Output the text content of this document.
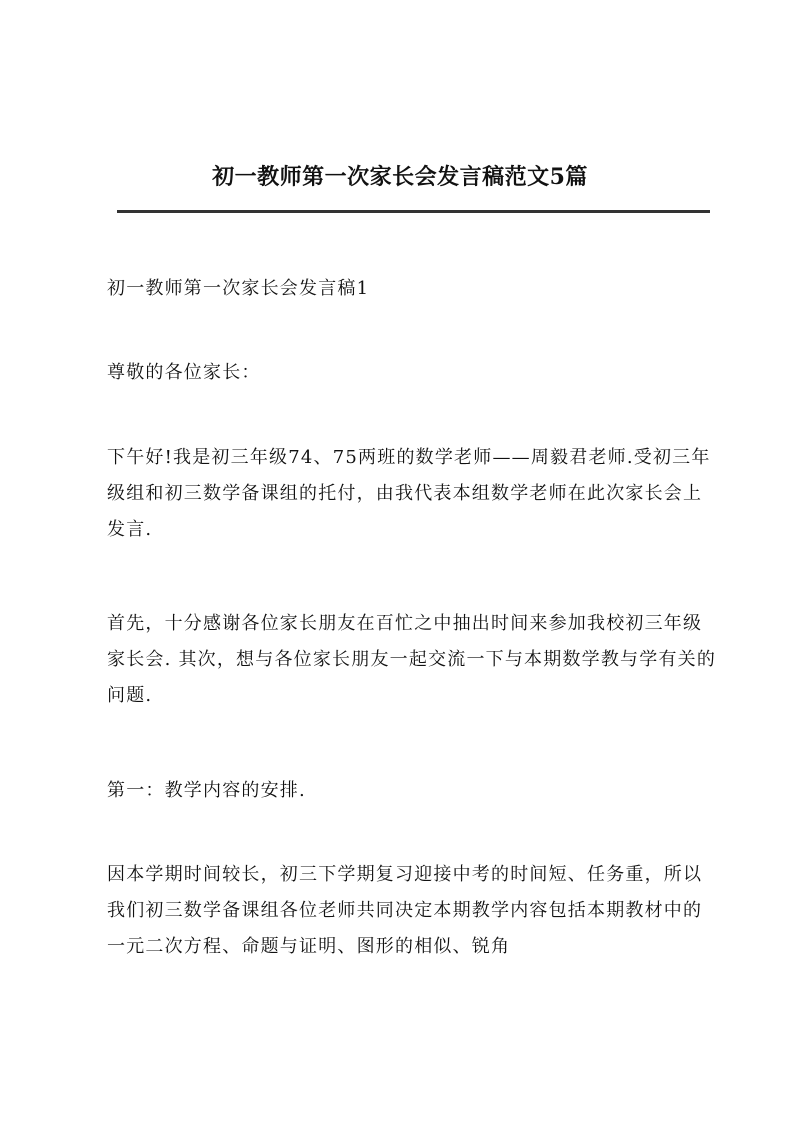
初一教师第一次家长会发言稿范文5篇

初一教师第一次家长会发言稿1

尊敬的各位家长：

下午好!我是初三年级74、75两班的数学老师——周毅君老师.受初三年级组和初三数学备课组的托付，由我代表本组数学老师在此次家长会上发言.

首先，十分感谢各位家长朋友在百忙之中抽出时间来参加我校初三年级家长会. 其次，想与各位家长朋友一起交流一下与本期数学教与学有关的问题.

第一：教学内容的安排.

因本学期时间较长，初三下学期复习迎接中考的时间短、任务重，所以我们初三数学备课组各位老师共同决定本期教学内容包括本期教材中的一元二次方程、命题与证明、图形的相似、锐角
